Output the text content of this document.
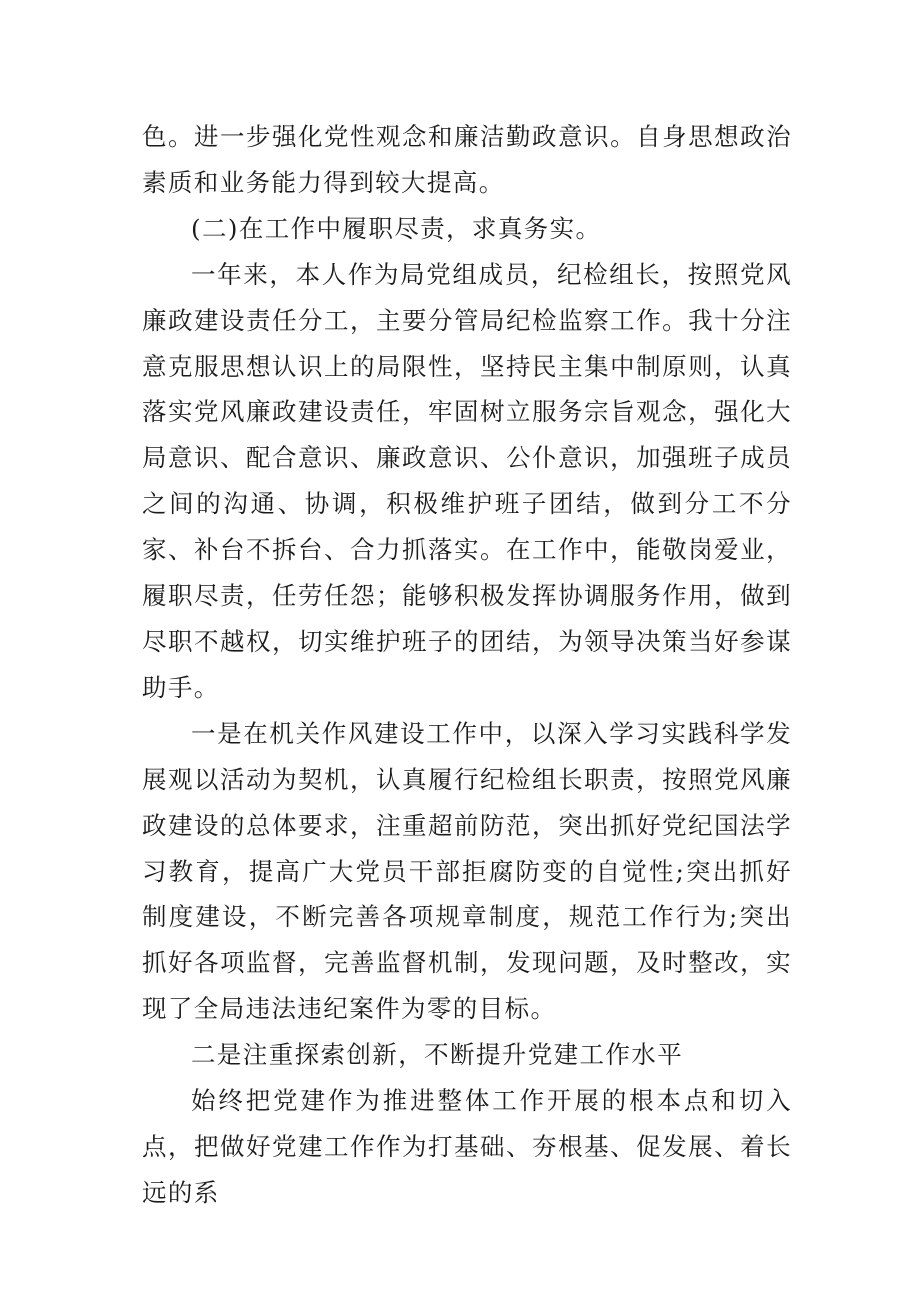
色。进一步强化党性观念和廉洁勤政意识。自身思想政治素质和业务能力得到较大提高。

(二)在工作中履职尽责，求真务实。

一年来，本人作为局党组成员，纪检组长，按照党风廉政建设责任分工，主要分管局纪检监察工作。我十分注意克服思想认识上的局限性，坚持民主集中制原则，认真落实党风廉政建设责任，牢固树立服务宗旨观念，强化大局意识、配合意识、廉政意识、公仆意识，加强班子成员之间的沟通、协调，积极维护班子团结，做到分工不分家、补台不拆台、合力抓落实。在工作中，能敬岗爱业，履职尽责，任劳任怨；能够积极发挥协调服务作用，做到尽职不越权，切实维护班子的团结，为领导决策当好参谋助手。

一是在机关作风建设工作中，以深入学习实践科学发展观以活动为契机，认真履行纪检组长职责，按照党风廉政建设的总体要求，注重超前防范，突出抓好党纪国法学习教育，提高广大党员干部拒腐防变的自觉性;突出抓好制度建设，不断完善各项规章制度，规范工作行为;突出抓好各项监督，完善监督机制，发现问题，及时整改，实现了全局违法违纪案件为零的目标。

二是注重探索创新，不断提升党建工作水平

始终把党建作为推进整体工作开展的根本点和切入点，把做好党建工作作为打基础、夯根基、促发展、着长远的系
